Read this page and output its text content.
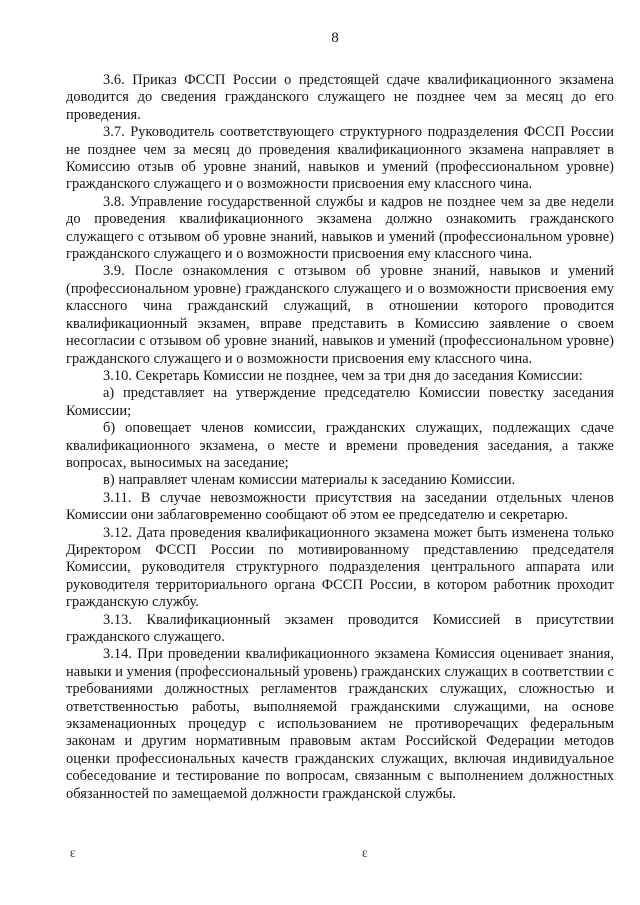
8

3.6. Приказ ФССП России о предстоящей сдаче квалификационного экзамена доводится до сведения гражданского служащего не позднее чем за месяц до его проведения.

3.7. Руководитель соответствующего структурного подразделения ФССП России не позднее чем за месяц до проведения квалификационного экзамена направляет в Комиссию отзыв об уровне знаний, навыков и умений (профессиональном уровне) гражданского служащего и о возможности присвоения ему классного чина.

3.8. Управление государственной службы и кадров не позднее чем за две недели до проведения квалификационного экзамена должно ознакомить гражданского служащего с отзывом об уровне знаний, навыков и умений (профессиональном уровне) гражданского служащего и о возможности присвоения ему классного чина.

3.9. После ознакомления с отзывом об уровне знаний, навыков и умений (профессиональном уровне) гражданского служащего и о возможности присвоения ему классного чина гражданский служащий, в отношении которого проводится квалификационный экзамен, вправе представить в Комиссию заявление о своем несогласии с отзывом об уровне знаний, навыков и умений (профессиональном уровне) гражданского служащего и о возможности присвоения ему классного чина.

3.10. Секретарь Комиссии не позднее, чем за три дня до заседания Комиссии:

а) представляет на утверждение председателю Комиссии повестку заседания Комиссии;

б) оповещает членов комиссии, гражданских служащих, подлежащих сдаче квалификационного экзамена, о месте и времени проведения заседания, а также вопросах, выносимых на заседание;

в) направляет членам комиссии материалы к заседанию Комиссии.

3.11. В случае невозможности присутствия на заседании отдельных членов Комиссии они заблаговременно сообщают об этом ее председателю и секретарю.

3.12. Дата проведения квалификационного экзамена может быть изменена только Директором ФССП России по мотивированному представлению председателя Комиссии, руководителя структурного подразделения центрального аппарата или руководителя территориального органа ФССП России, в котором работник проходит гражданскую службу.

3.13. Квалификационный экзамен проводится Комиссией в присутствии гражданского служащего.

3.14. При проведении квалификационного экзамена Комиссия оценивает знания, навыки и умения (профессиональный уровень) гражданских служащих в соответствии с требованиями должностных регламентов гражданских служащих, сложностью и ответственностью работы, выполняемой гражданскими служащими, на основе экзаменационных процедур с использованием не противоречащих федеральным законам и другим нормативным правовым актам Российской Федерации методов оценки профессиональных качеств гражданских служащих, включая индивидуальное собеседование и тестирование по вопросам, связанным с выполнением должностных обязанностей по замещаемой должности гражданской службы.

ԑ	ԑ
